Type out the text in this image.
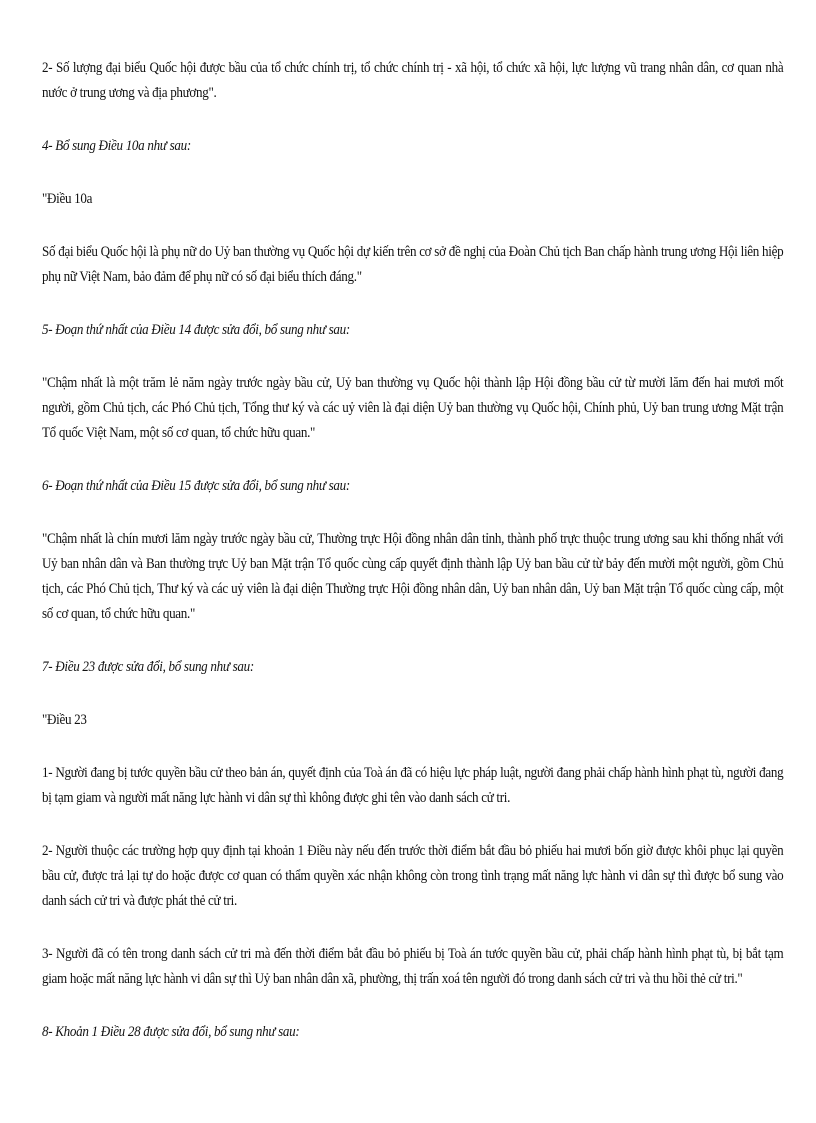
2- Số lượng đại biểu Quốc hội được bầu của tổ chức chính trị, tổ chức chính trị - xã hội, tổ chức xã hội, lực lượng vũ trang nhân dân, cơ quan nhà nước ở trung ương và địa phương".

4- Bổ sung Điều 10a như sau:

"Điều 10a

Số đại biểu Quốc hội là phụ nữ do Uỷ ban thường vụ Quốc hội dự kiến trên cơ sở đề nghị của Đoàn Chủ tịch Ban chấp hành trung ương Hội liên hiệp phụ nữ Việt Nam, bảo đảm để phụ nữ có số đại biểu thích đáng."

5- Đoạn thứ nhất của Điều 14 được sửa đổi, bổ sung như sau:

"Chậm nhất là một trăm lẻ năm ngày trước ngày bầu cử, Uỷ ban thường vụ Quốc hội thành lập Hội đồng bầu cử từ mười lăm đến hai mươi mốt người, gồm Chủ tịch, các Phó Chủ tịch, Tổng thư ký và các uỷ viên là đại diện Uỷ ban thường vụ Quốc hội, Chính phủ, Uỷ ban trung ương Mặt trận Tổ quốc Việt Nam, một số cơ quan, tổ chức hữu quan."

6- Đoạn thứ nhất của Điều 15 được sửa đổi, bổ sung như sau:

"Chậm nhất là chín mươi lăm ngày trước ngày bầu cử, Thường trực Hội đồng nhân dân tỉnh, thành phố trực thuộc trung ương sau khi thống nhất với Uỷ ban nhân dân và Ban thường trực Uỷ ban Mặt trận Tổ quốc cùng cấp quyết định thành lập Uỷ ban bầu cử từ bảy đến mười một người, gồm Chủ tịch, các Phó Chủ tịch, Thư ký và các uỷ viên là đại diện Thường trực Hội đồng nhân dân, Uỷ ban nhân dân, Uỷ ban Mặt trận Tổ quốc cùng cấp, một số cơ quan, tổ chức hữu quan."

7- Điều 23 được sửa đổi, bổ sung như sau:

"Điều 23

1- Người đang bị tước quyền bầu cử theo bản án, quyết định của Toà án đã có hiệu lực pháp luật, người đang phải chấp hành hình phạt tù, người đang bị tạm giam và người mất năng lực hành vi dân sự thì không được ghi tên vào danh sách cử tri.

2- Người thuộc các trường hợp quy định tại khoản 1 Điều này nếu đến trước thời điểm bắt đầu bỏ phiếu hai mươi bốn giờ được khôi phục lại quyền bầu cử, được trả lại tự do hoặc được cơ quan có thẩm quyền xác nhận không còn trong tình trạng mất năng lực hành vi dân sự thì được bổ sung vào danh sách cử tri và được phát thẻ cử tri.

3- Người đã có tên trong danh sách cử tri mà đến thời điểm bắt đầu bỏ phiếu bị Toà án tước quyền bầu cử, phải chấp hành hình phạt tù, bị bắt tạm giam hoặc mất năng lực hành vi dân sự thì Uỷ ban nhân dân xã, phường, thị trấn xoá tên người đó trong danh sách cử tri và thu hồi thẻ cử tri."

8- Khoản 1 Điều 28 được sửa đổi, bổ sung như sau:
